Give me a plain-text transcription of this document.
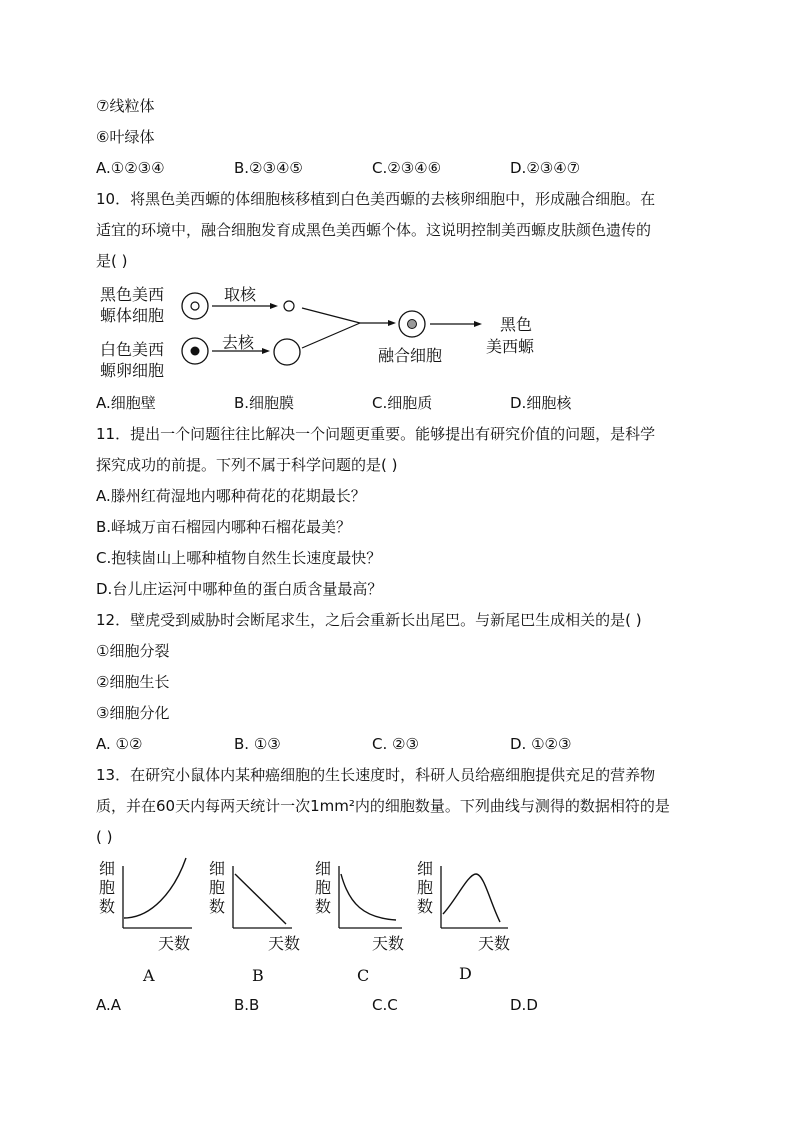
⑦线粒体
⑥叶绿体
A.①②③④	B.②③④⑤	C.②③④⑥	D.②③④⑦
10．将黑色美西螈的体细胞核移植到白色美西螈的去核卵细胞中，形成融合细胞。在
适宜的环境中，融合细胞发育成黑色美西螈个体。这说明控制美西螈皮肤颜色遗传的
是( )
黑色美西
螈体细胞
白色美西
螈卵细胞
取核
去核
融合细胞
黑色
美西螈
A.细胞壁	B.细胞膜	C.细胞质	D.细胞核
11．提出一个问题往往比解决一个问题更重要。能够提出有研究价值的问题，是科学
探究成功的前提。下列不属于科学问题的是( )
A.滕州红荷湿地内哪种荷花的花期最长？
B.峄城万亩石榴园内哪种石榴花最美？
C.抱犊崮山上哪种植物自然生长速度最快？
D.台儿庄运河中哪种鱼的蛋白质含量最高？
12．壁虎受到威胁时会断尾求生，之后会重新长出尾巴。与新尾巴生成相关的是( )
①细胞分裂
②细胞生长
③细胞分化
A. ①②	B. ①③	C. ②③	D. ①②③
13．在研究小鼠体内某种癌细胞的生长速度时，科研人员给癌细胞提供充足的营养物
质，并在60天内每两天统计一次1mm²内的细胞数量。下列曲线与测得的数据相符的是
( )
细
胞
数
天数
细
胞
数
天数
细
胞
数
天数
细
胞
数
天数
A	B	C	D
A.A	B.B	C.C	D.D
